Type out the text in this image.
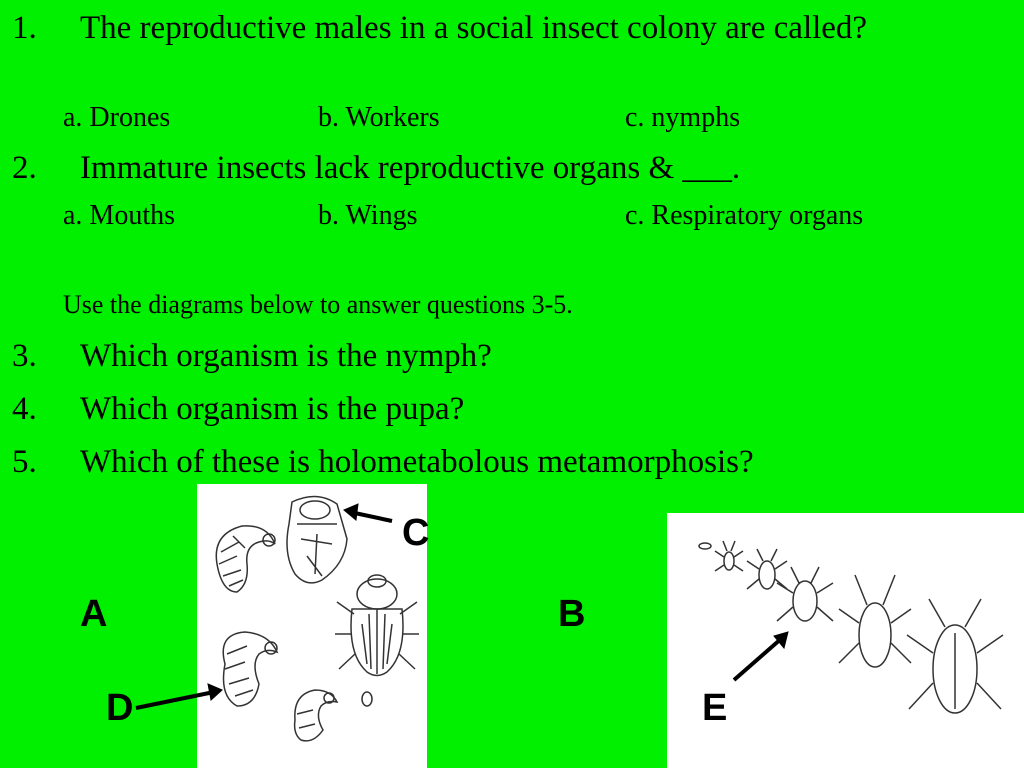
1. The reproductive males in a social insect colony are called?
a. Drones	b. Workers	c. nymphs
2. Immature insects lack reproductive organs & ___.
a. Mouths	b. Wings	c. Respiratory organs
Use the diagrams below to answer questions 3-5.
3. Which organism is the nymph?
4. Which organism is the pupa?
5. Which of these is holometabolous metamorphosis?
C
A	B
D	E
